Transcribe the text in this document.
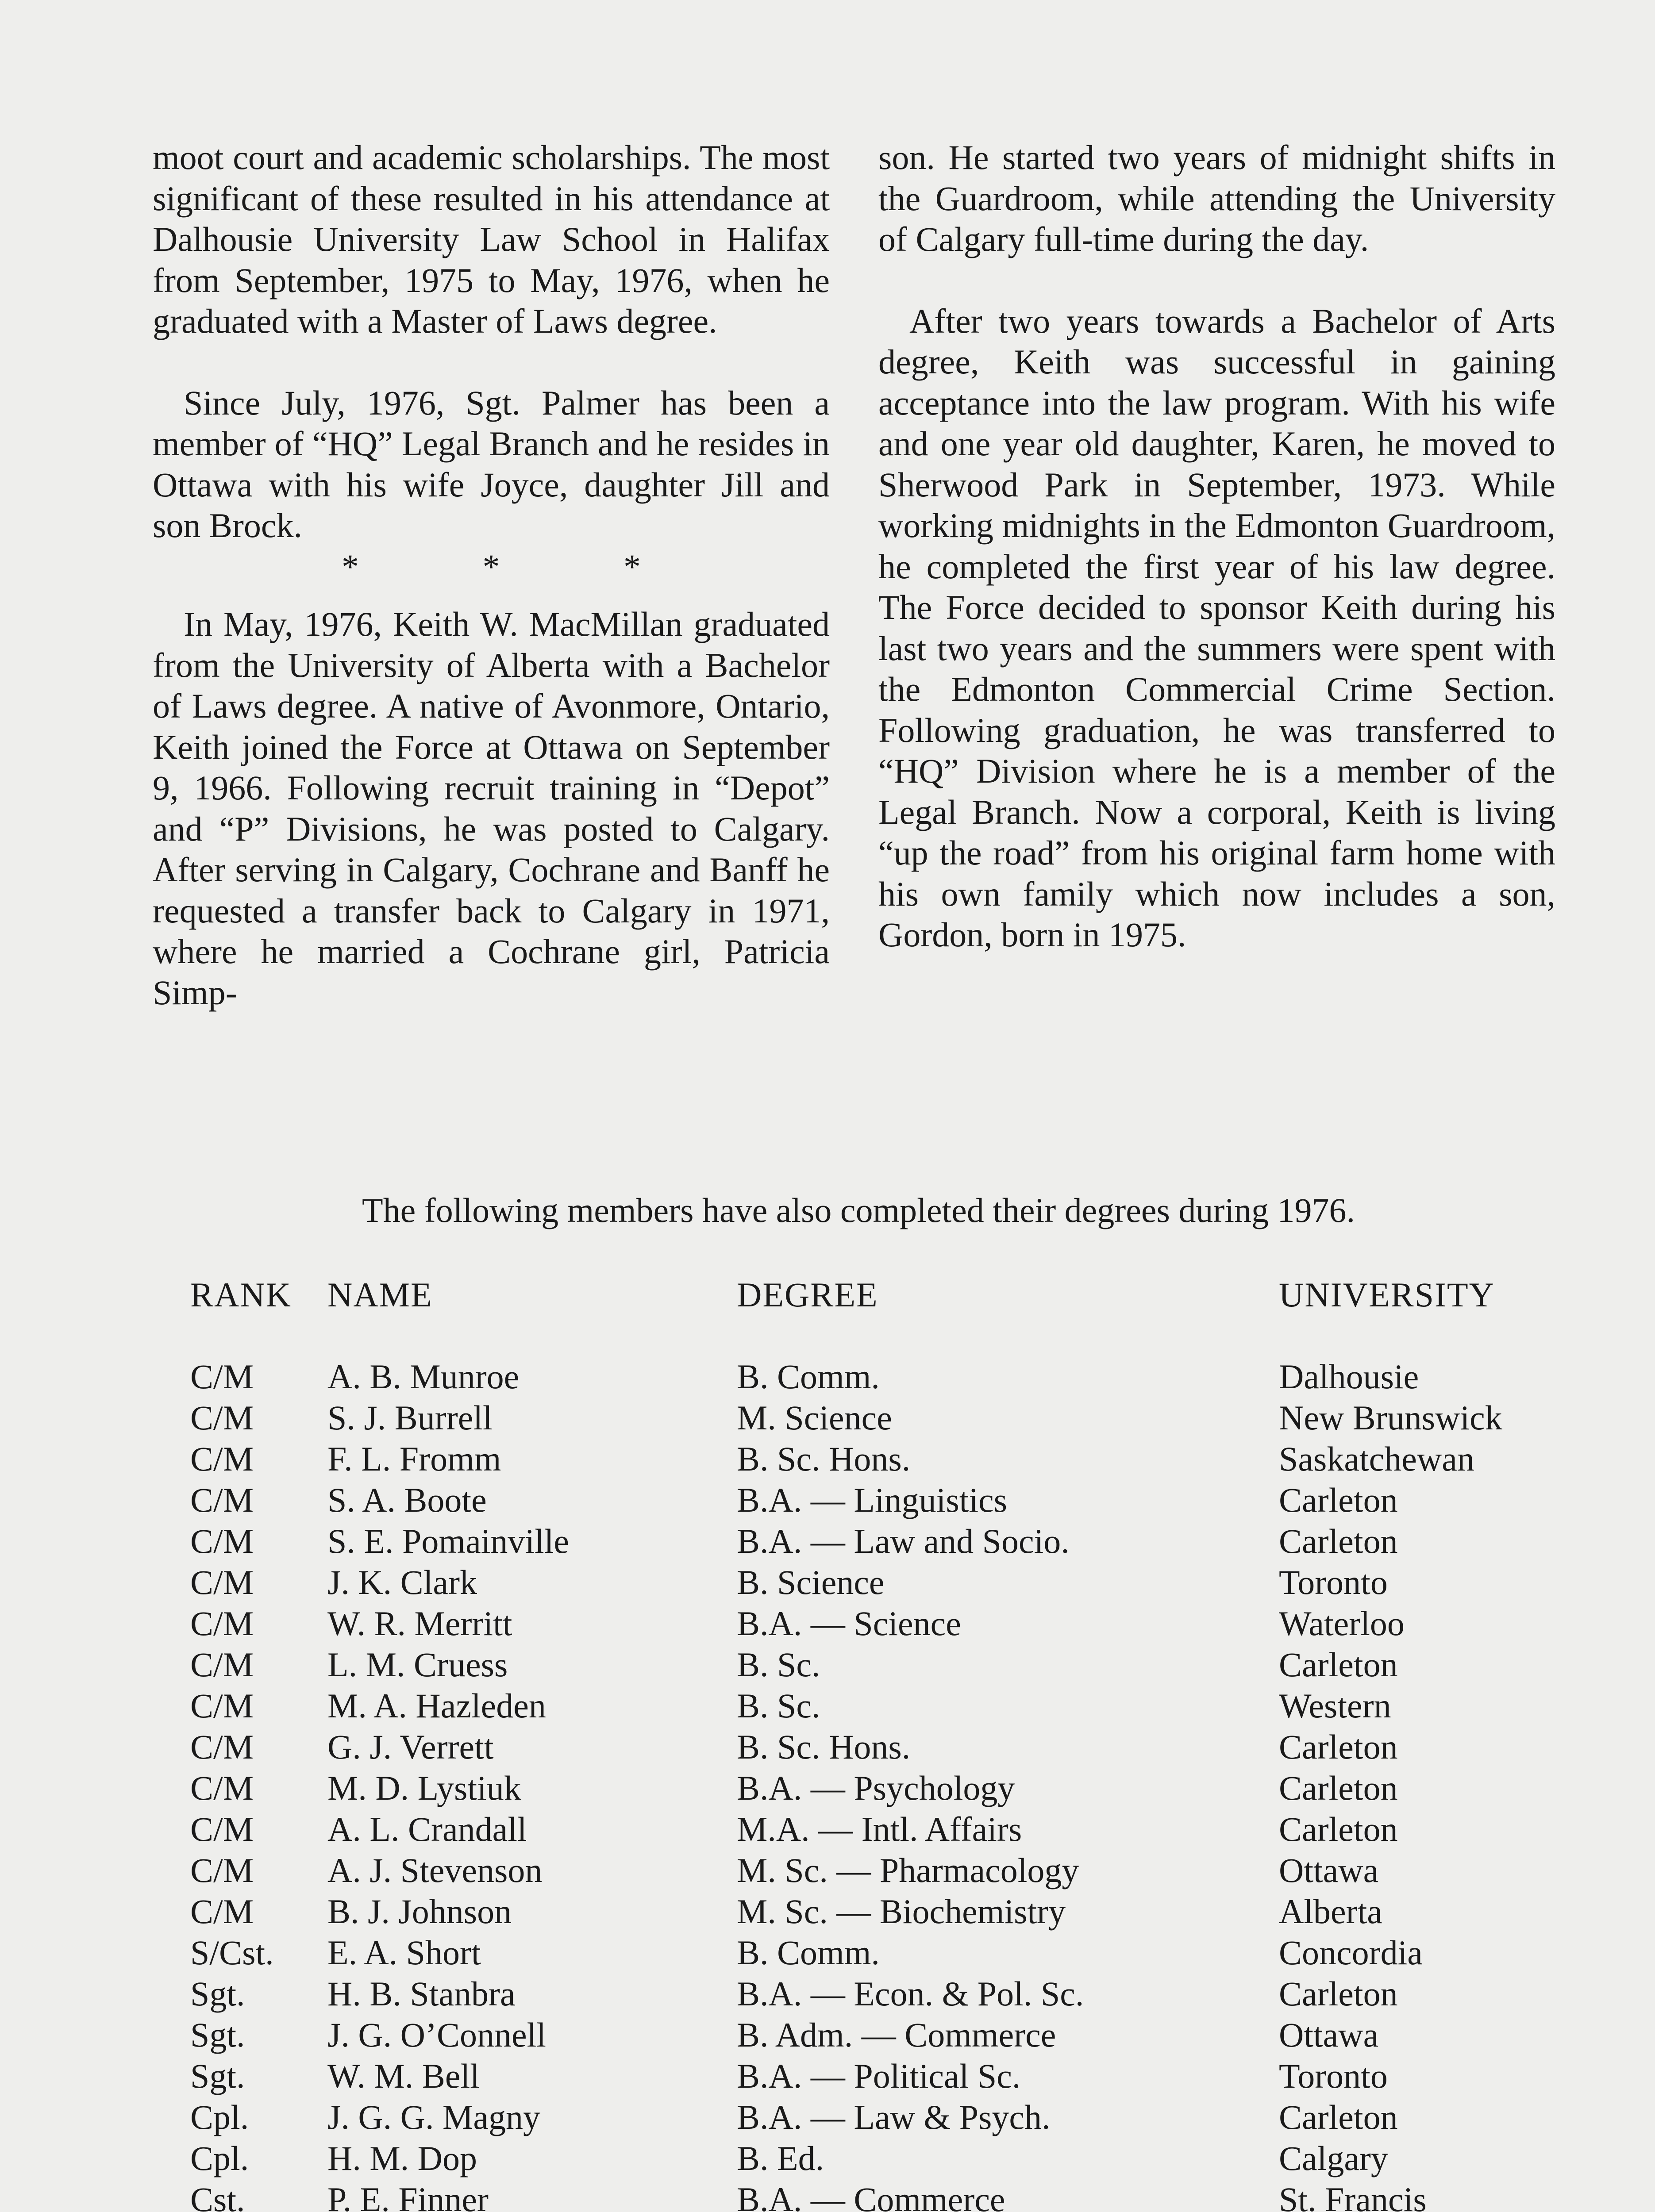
moot court and academic scholarships. The most significant of these resulted in his attendance at Dalhousie University Law School in Halifax from September, 1975 to May, 1976, when he graduated with a Master of Laws degree.

Since July, 1976, Sgt. Palmer has been a member of “HQ” Legal Branch and he resides in Ottawa with his wife Joyce, daughter Jill and son Brock.

* * *

In May, 1976, Keith W. MacMillan graduated from the University of Alberta with a Bachelor of Laws degree. A native of Avonmore, Ontario, Keith joined the Force at Ottawa on September 9, 1966. Following recruit training in “Depot” and “P” Divisions, he was posted to Calgary. After serving in Calgary, Cochrane and Banff he requested a transfer back to Calgary in 1971, where he married a Cochrane girl, Patricia Simp-

son. He started two years of midnight shifts in the Guardroom, while attending the University of Calgary full-time during the day.

After two years towards a Bachelor of Arts degree, Keith was successful in gaining acceptance into the law program. With his wife and one year old daughter, Karen, he moved to Sherwood Park in September, 1973. While working midnights in the Edmonton Guardroom, he completed the first year of his law degree. The Force decided to sponsor Keith during his last two years and the summers were spent with the Edmonton Commercial Crime Section. Following graduation, he was transferred to “HQ” Division where he is a member of the Legal Branch. Now a corporal, Keith is living “up the road” from his original farm home with his own family which now includes a son, Gordon, born in 1975.

The following members have also completed their degrees during 1976.
RANK NAME	DEGREE	UNIVERSITY
C/M A. B. Munroe	B. Comm.	Dalhousie
C/M S. J. Burrell	M. Science	New Brunswick
C/M F. L. Fromm	B. Sc. Hons.	Saskatchewan
C/M S. A. Boote	B.A. — Linguistics	Carleton
C/M S. E. Pomainville	B.A. — Law and Socio.	Carleton
C/M J. K. Clark	B. Science	Toronto
C/M W. R. Merritt	B.A. — Science	Waterloo
C/M L. M. Cruess	B. Sc.	Carleton
C/M M. A. Hazleden	B. Sc.	Western
C/M G. J. Verrett	B. Sc. Hons.	Carleton
C/M M. D. Lystiuk	B.A. — Psychology	Carleton
C/M A. L. Crandall	M.A. — Intl. Affairs	Carleton
C/M A. J. Stevenson	M. Sc. — Pharmacology	Ottawa
C/M B. J. Johnson	M. Sc. — Biochemistry	Alberta
S/Cst. E. A. Short	B. Comm.	Concordia
Sgt. H. B. Stanbra	B.A. — Econ. & Pol. Sc.	Carleton
Sgt. J. G. O’Connell	B. Adm. — Commerce	Ottawa
Sgt. W. M. Bell	B.A. — Political Sc.	Toronto
Cpl. J. G. G. Magny	B.A. — Law & Psych.	Carleton
Cpl. H. M. Dop	B. Ed.	Calgary
Cst. P. E. Finner	B.A. — Commerce	St. Francis
